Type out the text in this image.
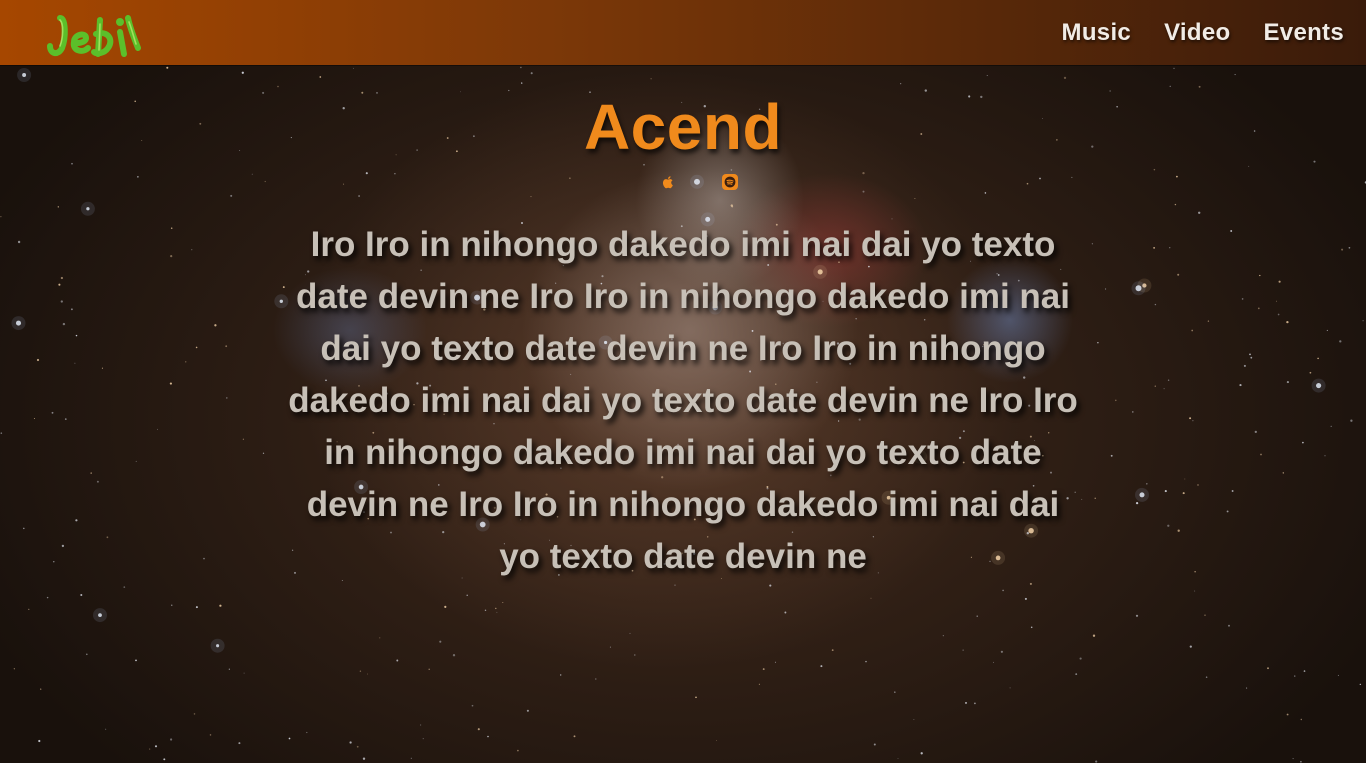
Music Video Events
Acend

Iro Iro in nihongo dakedo imi nai dai yo texto date devin ne Iro Iro in nihongo dakedo imi nai dai yo texto date devin ne Iro Iro in nihongo dakedo imi nai dai yo texto date devin ne Iro Iro in nihongo dakedo imi nai dai yo texto date devin ne Iro Iro in nihongo dakedo imi nai dai yo texto date devin ne
